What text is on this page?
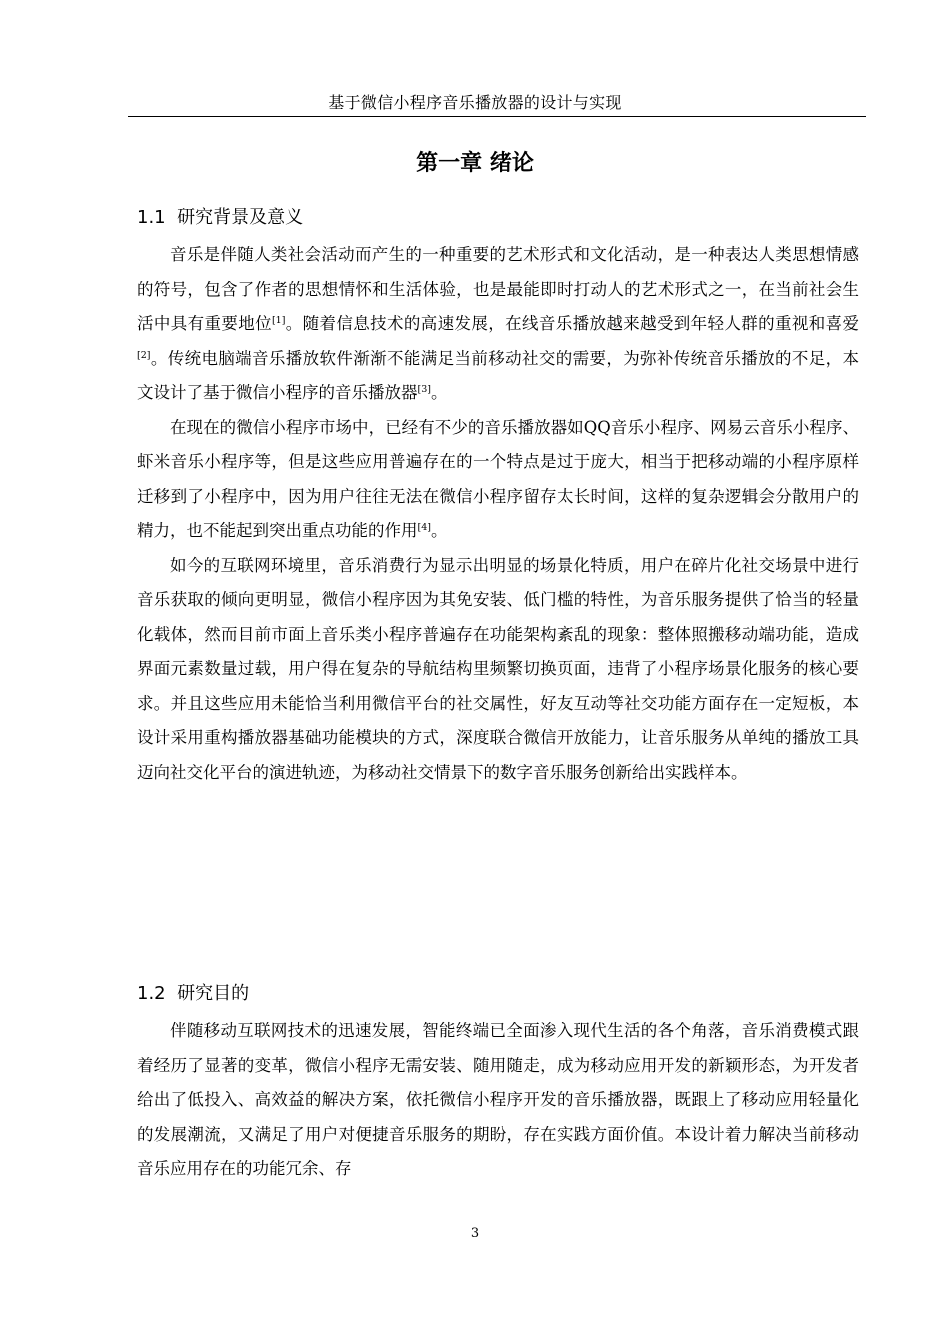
基于微信小程序音乐播放器的设计与实现
第一章 绪论
1.1  研究背景及意义

音乐是伴随人类社会活动而产生的一种重要的艺术形式和文化活动，是一种表达人类思想情感的符号，包含了作者的思想情怀和生活体验，也是最能即时打动人的艺术形式之一，在当前社会生活中具有重要地位[1]。随着信息技术的高速发展，在线音乐播放越来越受到年轻人群的重视和喜爱[2]。传统电脑端音乐播放软件渐渐不能满足当前移动社交的需要，为弥补传统音乐播放的不足，本文设计了基于微信小程序的音乐播放器[3]。

在现在的微信小程序市场中，已经有不少的音乐播放器如QQ音乐小程序、网易云音乐小程序、虾米音乐小程序等，但是这些应用普遍存在的一个特点是过于庞大，相当于把移动端的小程序原样迁移到了小程序中，因为用户往往无法在微信小程序留存太长时间，这样的复杂逻辑会分散用户的精力，也不能起到突出重点功能的作用[4]。

如今的互联网环境里，音乐消费行为显示出明显的场景化特质，用户在碎片化社交场景中进行音乐获取的倾向更明显，微信小程序因为其免安装、低门槛的特性，为音乐服务提供了恰当的轻量化载体，然而目前市面上音乐类小程序普遍存在功能架构紊乱的现象：整体照搬移动端功能，造成界面元素数量过载，用户得在复杂的导航结构里频繁切换页面，违背了小程序场景化服务的核心要求。并且这些应用未能恰当利用微信平台的社交属性，好友互动等社交功能方面存在一定短板，本设计采用重构播放器基础功能模块的方式，深度联合微信开放能力，让音乐服务从单纯的播放工具迈向社交化平台的演进轨迹，为移动社交情景下的数字音乐服务创新给出实践样本。

1.2  研究目的

伴随移动互联网技术的迅速发展，智能终端已全面渗入现代生活的各个角落，音乐消费模式跟着经历了显著的变革，微信小程序无需安装、随用随走，成为移动应用开发的新颖形态，为开发者给出了低投入、高效益的解决方案，依托微信小程序开发的音乐播放器，既跟上了移动应用轻量化的发展潮流，又满足了用户对便捷音乐服务的期盼，存在实践方面价值。本设计着力解决当前移动音乐应用存在的功能冗余、存

3
